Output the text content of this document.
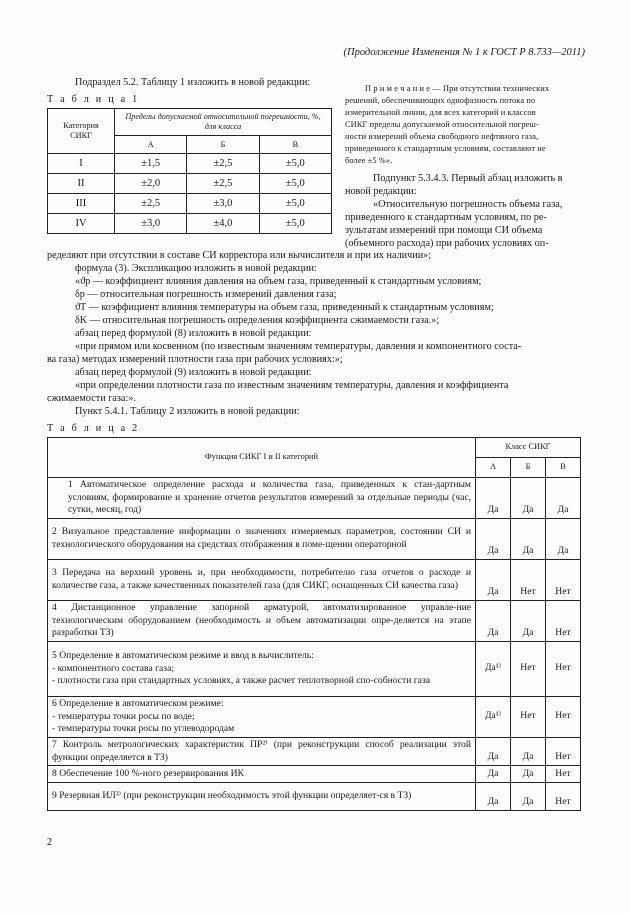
(Продолжение Изменения № 1 к ГОСТ Р 8.733—2011)
Подраздел 5.2. Таблицу 1 изложить в новой редакции:
Т а б л и ц а 1
Категория СИКГ	Пределы допускаемой относительной погрешности, %, для класса		
	А	Б	В
I	±1,5	±2,5	±5,0
II	±2,0	±2,5	±5,0
III	±2,5	±3,0	±5,0
IV	±3,0	±4,0	±5,0
П р и м е ч а н и е — При отсутствии технических
решений, обеспечивающих однофазность потока по
измерительной линии, для всех категорий и классов
СИКГ пределы допускаемой относительной погреш-
ности измерений объема свободного нефтяного газа,
приведенного к стандартным условиям, составляют не
более ±5 %».
Подпункт 5.3.4.3. Первый абзац изложить в
новой редакции:
«Относительную погрешность объема газа,
приведенного к стандартным условиям, по ре-
зультатам измерений при помощи СИ объема
(объемного расхода) при рабочих условиях оп-
ределяют при отсутствии в составе СИ корректора или вычислителя и при их наличии»;
формула (3). Экспликацию изложить в новой редакции:
«ϑp — коэффициент влияния давления на объем газа, приведенный к стандартным условиям;
δp — относительная погрешность измерений давления газа;
ϑT — коэффициент влияния температуры на объем газа, приведенный к стандартным условиям;
δK — относительная погрешность определения коэффициента сжимаемости газа.»;
абзац перед формулой (8) изложить в новой редакции:
«при прямом или косвенном (по известным значениям температуры, давления и компонентного соста-
ва газа) методах измерений плотности газа при рабочих условиях:»;
абзац перед формулой (9) изложить в новой редакции:
«при определении плотности газа по известным значениям температуры, давления и коэффициента
сжимаемости газа:».
Пункт 5.4.1. Таблицу 2 изложить в новой редакции:
Т а б л и ц а 2
Функция СИКГ I и II категорий	Класс СИКГ		
	А	Б	В
1 Автоматическое определение расхода и количества газа, приведенных к стан-дартным условиям, формирование и хранение отчетов результатов измерений за отдельные периоды (час, сутки, месяц, год)	Да	Да	Да
2 Визуальное представление информации о значениях измеряемых параметров, состоянии СИ и технологического оборудования на средствах отображения в поме-щении операторной	Да	Да	Да
3 Передача на верхний уровень и, при необходимости, потребителю газа отчетов о расходе и количестве газа, а также качественных показателей газа (для СИКГ, оснащенных СИ качества газа)	Да	Нет	Нет
4 Дистанционное управление запорной арматурой, автоматизированное управле-ние технологическим оборудованием (необходимость и объем автоматизации опре-деляется на этапе разработки ТЗ)	Да	Да	Нет
5 Определение в автоматическом режиме и ввод в вычислитель:
- компонентного состава газа;
- плотности газа при стандартных условиях, а также расчет теплотворной спо-собности газа	Да¹⁾	Нет	Нет
6 Определение в автоматическом режиме:
- температуры точки росы по воде;
- температуры точки росы по углеводородам	Да¹⁾	Нет	Нет
7 Контроль метрологических характеристик ПР²⁾ (при реконструкции способ реализации этой функции определяется в ТЗ)	Да	Да	Нет
8 Обеспечение 100 %-ного резервирования ИК	Да	Да	Нет
9 Резервная ИЛ³⁾ (при реконструкции необходимость этой функции определяет-ся в ТЗ)	Да	Да	Нет
2
